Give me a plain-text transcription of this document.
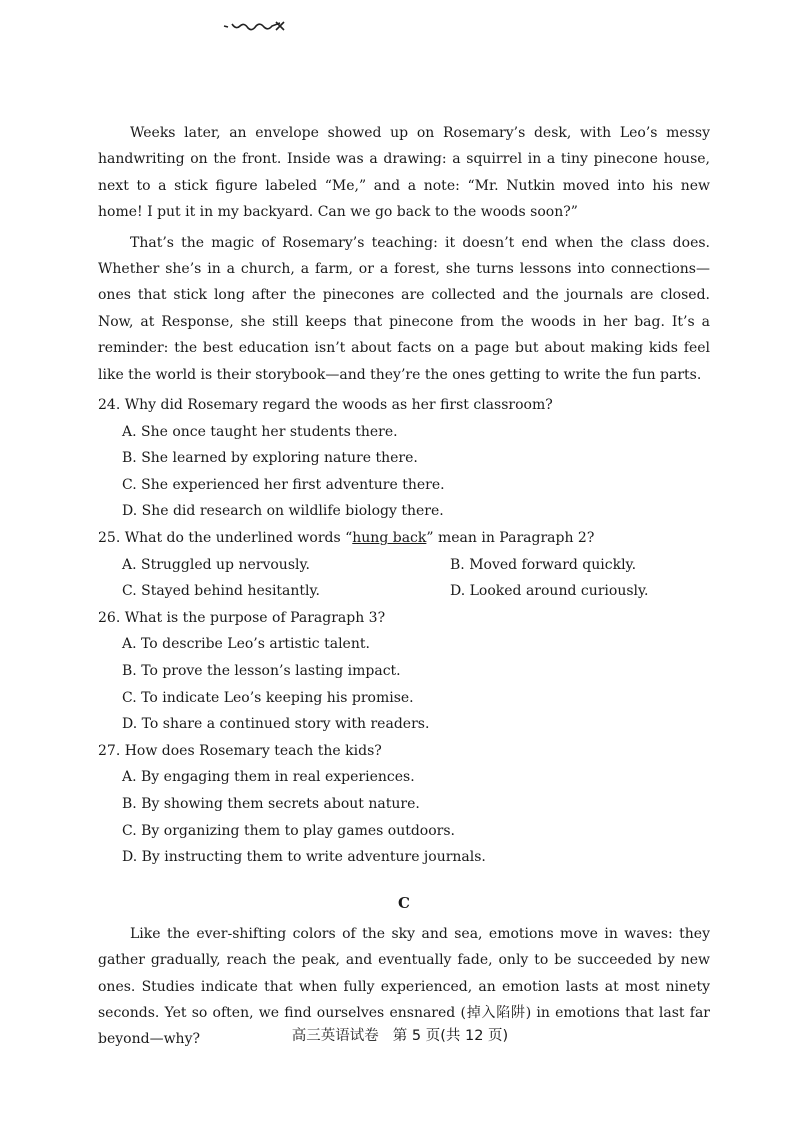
Weeks later, an envelope showed up on Rosemary’s desk, with Leo’s messy handwriting on the front. Inside was a drawing: a squirrel in a tiny pinecone house, next to a stick figure labeled “Me,” and a note: “Mr. Nutkin moved into his new home! I put it in my backyard. Can we go back to the woods soon?”

That’s the magic of Rosemary’s teaching: it doesn’t end when the class does. Whether she’s in a church, a farm, or a forest, she turns lessons into connections—ones that stick long after the pinecones are collected and the journals are closed. Now, at Response, she still keeps that pinecone from the woods in her bag. It’s a reminder: the best education isn’t about facts on a page but about making kids feel like the world is their storybook—and they’re the ones getting to write the fun parts.

24. Why did Rosemary regard the woods as her first classroom?

A. She once taught her students there.

B. She learned by exploring nature there.

C. She experienced her first adventure there.

D. She did research on wildlife biology there.

25. What do the underlined words “hung back” mean in Paragraph 2?

A. Struggled up nervously.	B. Moved forward quickly.
C. Stayed behind hesitantly.	D. Looked around curiously.

26. What is the purpose of Paragraph 3?

A. To describe Leo’s artistic talent.

B. To prove the lesson’s lasting impact.

C. To indicate Leo’s keeping his promise.

D. To share a continued story with readers.

27. How does Rosemary teach the kids?

A. By engaging them in real experiences.

B. By showing them secrets about nature.

C. By organizing them to play games outdoors.

D. By instructing them to write adventure journals.

C

Like the ever-shifting colors of the sky and sea, emotions move in waves: they gather gradually, reach the peak, and eventually fade, only to be succeeded by new ones. Studies indicate that when fully experienced, an emotion lasts at most ninety seconds. Yet so often, we find ourselves ensnared (掉入陷阱) in emotions that last far beyond—why?	高三英语试卷 第 5 页(共 12 页)
